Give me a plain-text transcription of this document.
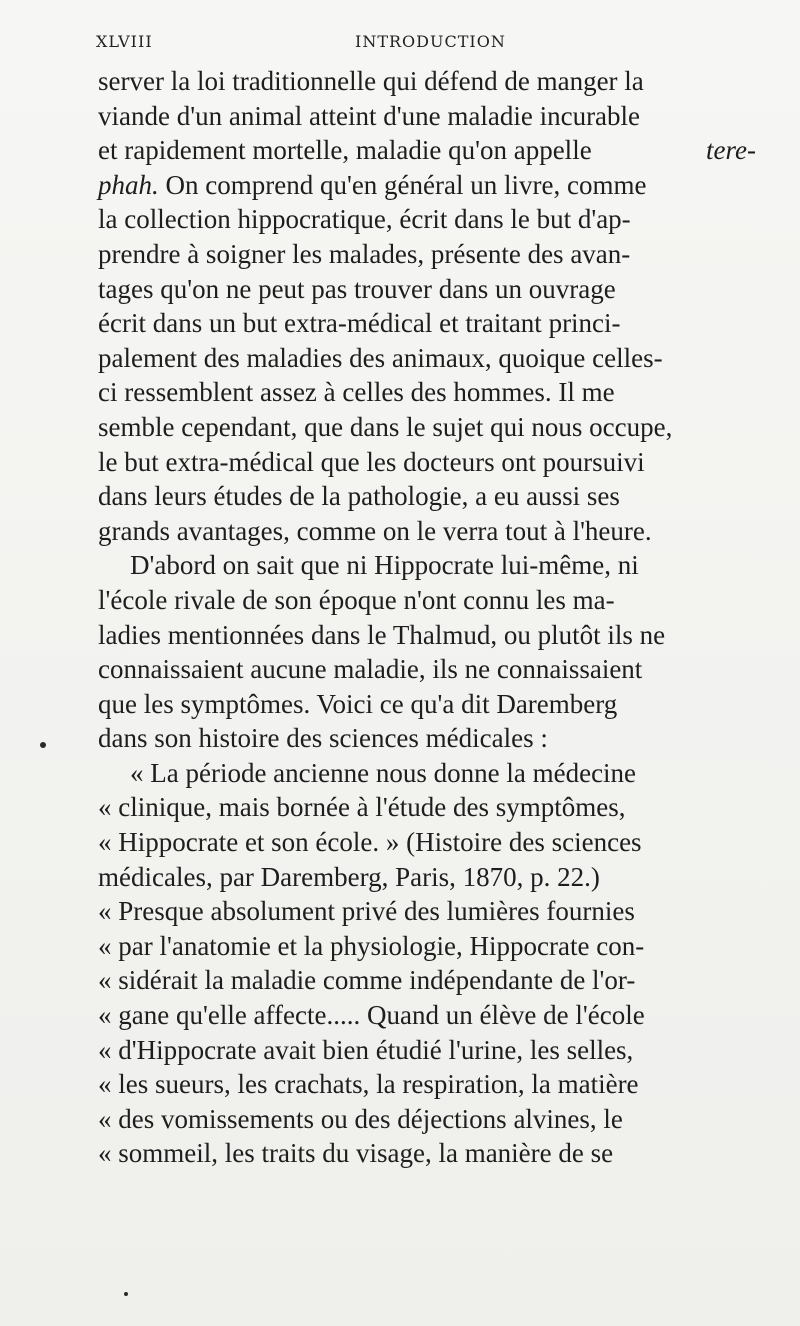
XLVIII	INTRODUCTION
server la loi traditionnelle qui défend de manger la
viande d'un animal atteint d'une maladie incurable
et rapidement mortelle, maladie qu'on appelle	tere-
phah. On comprend qu'en général un livre, comme
la collection hippocratique, écrit dans le but d'ap-
prendre à soigner les malades, présente des avan-
tages qu'on ne peut pas trouver dans un ouvrage
écrit dans un but extra-médical et traitant princi-
palement des maladies des animaux, quoique celles-
ci ressemblent assez à celles des hommes. Il me
semble cependant, que dans le sujet qui nous occupe,
le but extra-médical que les docteurs ont poursuivi
dans leurs études de la pathologie, a eu aussi ses
grands avantages, comme on le verra tout à l'heure.
D'abord on sait que ni Hippocrate lui-même, ni
l'école rivale de son époque n'ont connu les ma-
ladies mentionnées dans le Thalmud, ou plutôt ils ne
connaissaient aucune maladie, ils ne connaissaient
que les symptômes. Voici ce qu'a dit Daremberg
dans son histoire des sciences médicales :
« La période ancienne nous donne la médecine
« clinique, mais bornée à l'étude des symptômes,
« Hippocrate et son école. » (Histoire des sciences
médicales, par Daremberg, Paris, 1870, p. 22.)
« Presque absolument privé des lumières fournies
« par l'anatomie et la physiologie, Hippocrate con-
« sidérait la maladie comme indépendante de l'or-
« gane qu'elle affecte..... Quand un élève de l'école
« d'Hippocrate avait bien étudié l'urine, les selles,
« les sueurs, les crachats, la respiration, la matière
« des vomissements ou des déjections alvines, le
« sommeil, les traits du visage, la manière de se
